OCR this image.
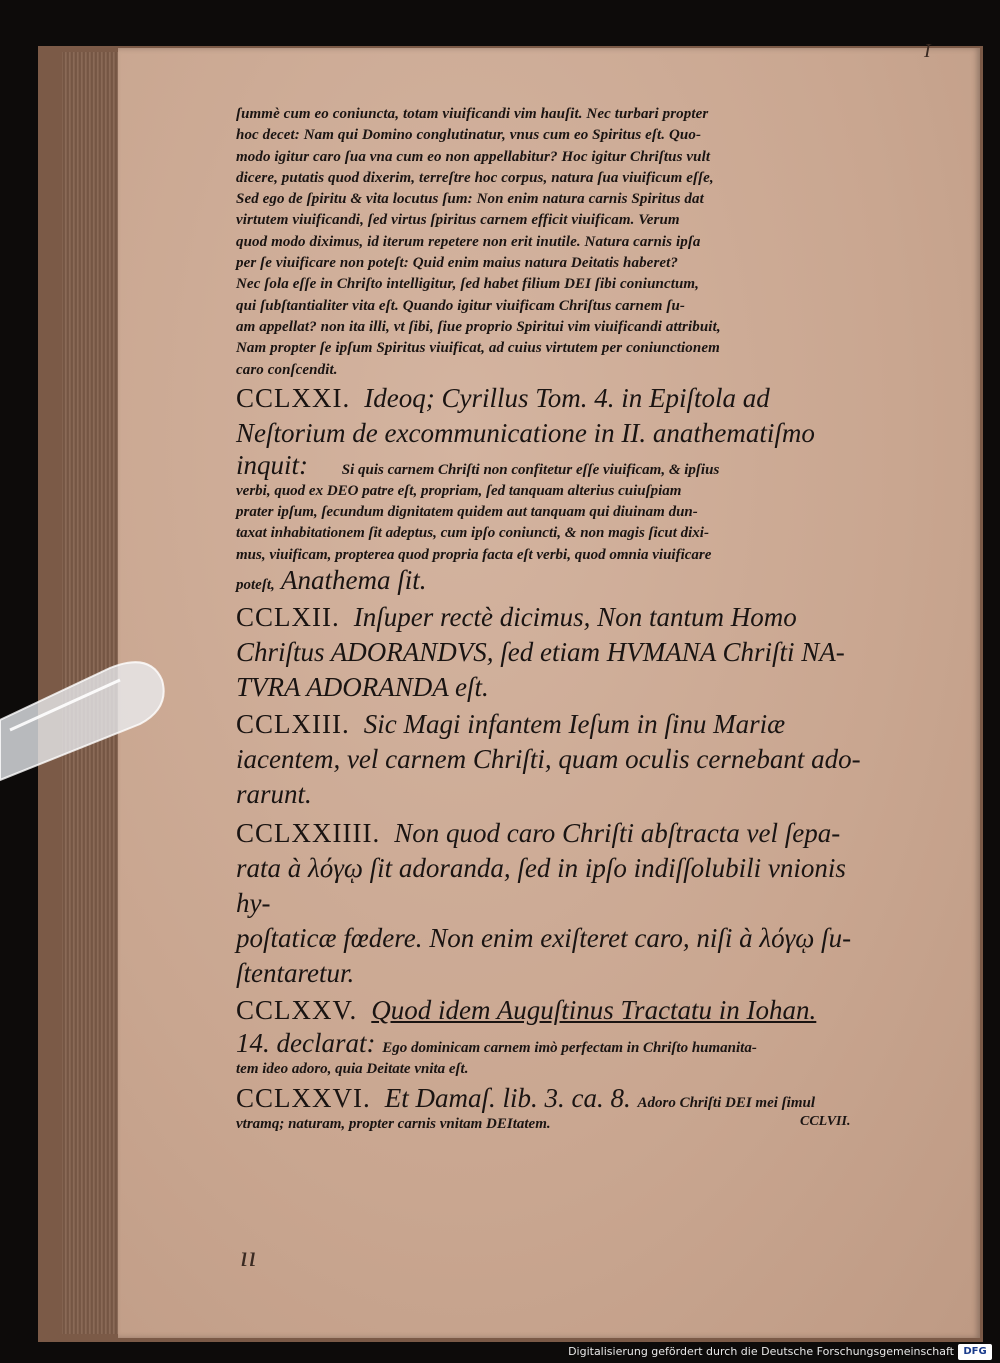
I

ſummè cum eo coniuncta, totam viuificandi vim hauſit. Nec turbari propter

hoc decet: Nam qui Domino conglutinatur, vnus cum eo Spiritus eſt. Quo-

modo igitur caro ſua vna cum eo non appellabitur? Hoc igitur Chriſtus vult

dicere, putatis quod dixerim, terreſtre hoc corpus, natura ſua viuificum eſſe,

Sed ego de ſpiritu & vita locutus ſum: Non enim natura carnis Spiritus dat

virtutem viuificandi, ſed virtus ſpiritus carnem efficit viuificam. Verum

quod modo diximus, id iterum repetere non erit inutile. Natura carnis ipſa

per ſe viuificare non poteſt: Quid enim maius natura Deitatis haberet?

Nec ſola eſſe in Chriſto intelligitur, ſed habet filium DEI ſibi coniunctum,

qui ſubſtantialiter vita eſt. Quando igitur viuificam Chriſtus carnem ſu-

am appellat? non ita illi, vt ſibi, ſiue proprio Spiritui vim viuificandi attribuit,

Nam propter ſe ipſum Spiritus viuificat, ad cuius virtutem per coniunctionem

caro conſcendit.

CCLXXI. Ideoq; Cyrillus Tom. 4. in Epiſtola ad

Neſtorium de excommunicatione in II. anathematiſmo

inquit: Si quis carnem Chriſti non confitetur eſſe viuificam, & ipſius

verbi, quod ex DEO patre eſt, propriam, ſed tanquam alterius cuiuſpiam

prater ipſum, ſecundum dignitatem quidem aut tanquam qui diuinam dun-

taxat inhabitationem ſit adeptus, cum ipſo coniuncti, & non magis ſicut dixi-

mus, viuificam, propterea quod propria facta eſt verbi, quod omnia viuificare

poteſt, Anathema ſit.

CCLXII. Inſuper rectè dicimus, Non tantum Homo

Chriſtus ADORANDVS, ſed etiam HVMANA Chriſti NA-

TVRA ADORANDA eſt.

CCLXIII. Sic Magi infantem Ieſum in ſinu Mariæ

iacentem, vel carnem Chriſti, quam oculis cernebant ado-

rarunt.

CCLXXIIII. Non quod caro Chriſti abſtracta vel ſepa-

rata à λόγῳ ſit adoranda, ſed in ipſo indiſſolubili vnionis hy-

poſtaticæ fœdere. Non enim exiſteret caro, niſi à λόγῳ ſu-

ſtentaretur.

CCLXXV. Quod idem Auguſtinus Tractatu in Iohan.

14. declarat: Ego dominicam carnem imò perfectam in Chriſto humanita-

tem ideo adoro, quia Deitate vnita eſt.

CCLXXVI. Et Damaſ. lib. 3. ca. 8. Adoro Chriſti DEI mei ſimul

vtramq; naturam, propter carnis vnitam DEItatem.	CCLVII.
ıı
Digitalisierung gefördert durch die Deutsche Forschungsgemeinschaft DFG
